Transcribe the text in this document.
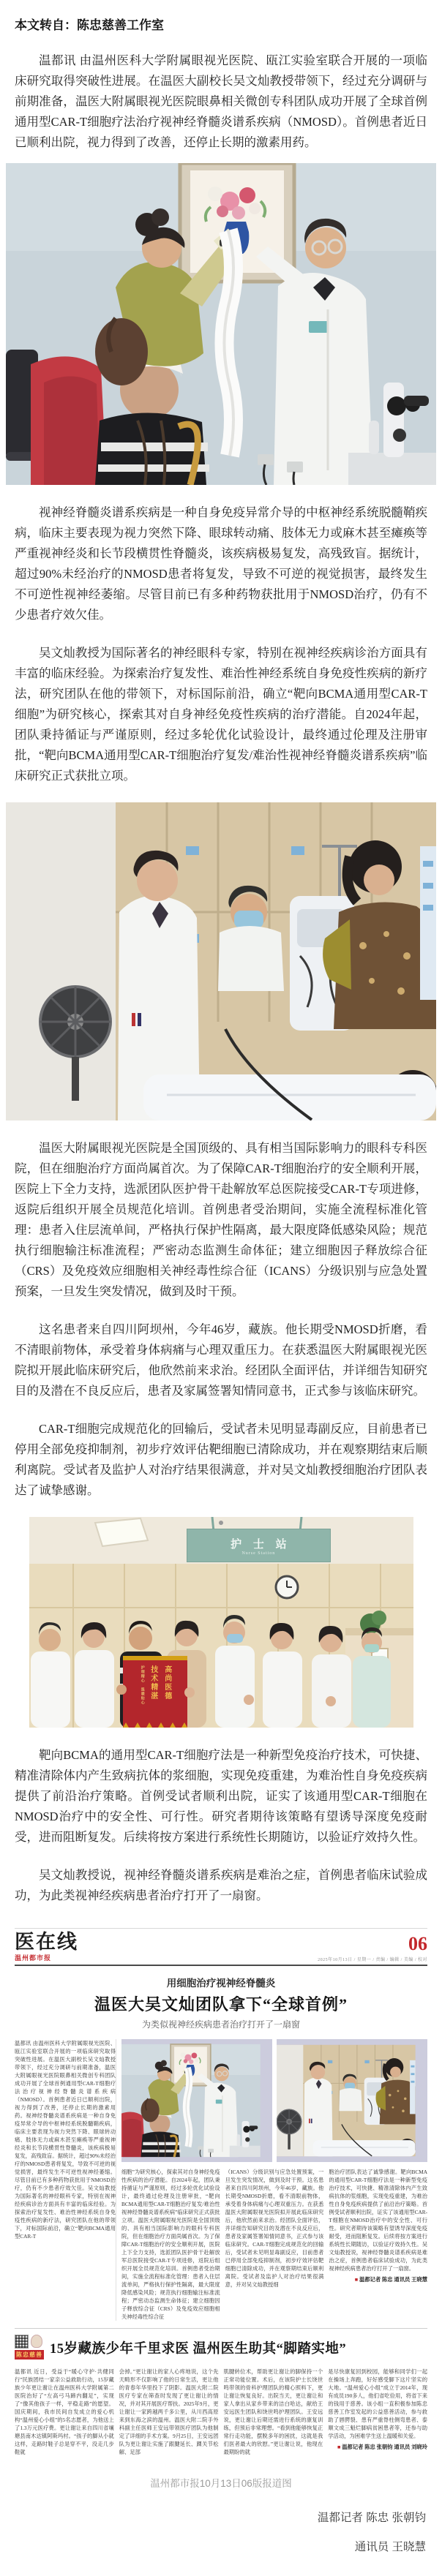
本文转自：陈忠慈善工作室

温都讯 由温州医科大学附属眼视光医院、瓯江实验室联合开展的一项临床研究取得突破性进展。在温医大副校长吴文灿教授带领下，经过充分调研与前期准备，温医大附属眼视光医院眼鼻相关微创专科团队成功开展了全球首例通用型CAR-T细胞疗法治疗视神经脊髓炎谱系疾病（NMOSD）。首例患者近日已顺利出院，视力得到了改善，还停止长期的激素用药。

视神经脊髓炎谱系疾病是一种自身免疫异常介导的中枢神经系统脱髓鞘疾病，临床主要表现为视力突然下降、眼球转动痛、肢体无力或麻木甚至瘫痪等严重视神经炎和长节段横贯性脊髓炎，该疾病极易复发，高残致盲。据统计，超过90%未经治疗的NMOSD患者将复发，导致不可逆的视觉损害，最终发生不可逆性视神经萎缩。尽管目前已有多种药物获批用于NMOSD治疗，仍有不少患者疗效欠佳。

吴文灿教授为国际著名的神经眼科专家，特别在视神经疾病诊治方面具有丰富的临床经验。为探索治疗复发性、难治性神经系统自身免疫性疾病的新疗法，研究团队在他的带领下，对标国际前沿，确立“靶向BCMA通用型CAR-T细胞”为研究核心，探索其对自身神经免疫性疾病的治疗潜能。自2024年起，团队秉持循证与严谨原则，经过多轮优化试验设计，最终通过伦理及注册审批，“靶向BCMA通用型CAR-T细胞治疗复发/难治性视神经脊髓炎谱系疾病”临床研究正式获批立项。

温医大附属眼视光医院是全国顶级的、具有相当国际影响力的眼科专科医院，但在细胞治疗方面尚属首次。为了保障CAR-T细胞治疗的安全顺利开展，医院上下全力支持，选派团队医护骨干赴解放军总医院接受CAR-T专项进修，返院后组织开展全员规范化培训。首例患者受治期间，实施全流程标准化管理：患者入住层流单间，严格执行保护性隔离，最大限度降低感染风险；规范执行细胞输注标准流程；严密动态监测生命体征；建立细胞因子释放综合征（CRS）及免疫效应细胞相关神经毒性综合征（ICANS）分级识别与应急处置预案，一旦发生突发情况，做到及时干预。

这名患者来自四川阿坝州，今年46岁，藏族。他长期受NMOSD折磨，看不清眼前物体，承受着身体病痛与心理双重压力。在获悉温医大附属眼视光医院拟开展此临床研究后，他欣然前来求治。经团队全面评估，并详细告知研究目的及潜在不良反应后，患者及家属签署知情同意书，正式参与该临床研究。

CAR-T细胞完成规范化的回输后，受试者未见明显毒副反应，目前患者已停用全部免疫抑制剂，初步疗效评估靶细胞已清除成功，并在观察期结束后顺利离院。受试者及监护人对治疗结果很满意，并对吴文灿教授细胞治疗团队表达了诚挚感谢。

护 士 站
Nurse Station
高尚医德
技术精湛
护理精心 温暖贴心

靶向BCMA的通用型CAR-T细胞疗法是一种新型免疫治疗技术，可快捷、精准清除体内产生致病抗体的浆细胞，实现免疫重建，为难治性自身免疫疾病提供了前沿治疗策略。首例受试者顺利出院，证实了该通用型CAR-T细胞在NMOSD治疗中的安全性、可行性。研究者期待该策略有望诱导深度免疫耐受，进而阻断复发。后续将按方案进行系统性长期随访，以验证疗效持久性。

吴文灿教授说，视神经脊髓炎谱系疾病是难治之症，首例患者临床试验成功，为此类视神经疾病患者治疗打开了一扇窗。

医在线
温州都市报
06
2025年10月13日 / 星期一 / 责编 / 编辑 / 美编 / 校对
用细胞治疗视神经脊髓炎
温医大吴文灿团队拿下“全球首例”
为类似视神经疾病患者治疗打开了一扇窗
温都讯 由温州医科大学附属眼视光医院、瓯江实验室联合开展的一项临床研究取得突破性进展。在温医大副校长吴文灿教授带领下，经过充分调研与前期准备，温医大附属眼视光医院眼鼻相关微创专科团队成功开展了全球首例通用型CAR-T细胞疗法治疗视神经脊髓炎谱系疾病（NMOSD）。首例患者近日已顺利出院，视力得到了改善，还停止长期的激素用药。视神经脊髓炎谱系疾病是一种自身免疫异常介导的中枢神经系统脱髓鞘疾病，临床主要表现为视力突然下降、眼球转动痛、肢体无力或麻木甚至瘫痪等严重视神经炎和长节段横贯性脊髓炎，该疾病极易复发，高残致盲。据统计，超过90%未经治疗的NMOSD患者将复发，导致不可逆的视觉损害，最终发生不可逆性视神经萎缩。尽管目前已有多种药物获批用于NMOSD治疗，仍有不少患者疗效欠佳。吴文灿教授为国际著名的神经眼科专家，特别在视神经疾病诊治方面具有丰富的临床经验。为探索治疗复发性、难治性神经系统自身免疫性疾病的新疗法，研究团队在他的带领下，对标国际前沿，确立“靶向BCMA通用型CAR-T
细胞”为研究核心，探索其对自身神经免疫性疾病的治疗潜能。自2024年起，团队秉持循证与严谨原则，经过多轮优化试验设计，最终通过伦理及注册审批，“靶向BCMA通用型CAR-T细胞治疗复发/难治性视神经脊髓炎谱系疾病”临床研究正式获批立项。温医大附属眼视光医院是全国顶级的、具有相当国际影响力的眼科专科医院，但在细胞治疗方面尚属首次。为了保障CAR-T细胞治疗的安全顺利开展，医院上下全力支持，选派团队医护骨干赴解放军总医院接受CAR-T专项进修，返院后组织开展全员规范化培训。首例患者受治期间，实施全流程标准化管理：患者入住层流单间，严格执行保护性隔离，最大限度降低感染风险；规范执行细胞输注标准流程；严密动态监测生命体征；建立细胞因子释放综合征（CRS）及免疫效应细胞相关神经毒性综合征
（ICANS）分级识别与应急处置预案，一旦发生突发情况，做到及时干预。这名患者来自四川阿坝州，今年46岁，藏族。他长期受NMOSD折磨，看不清眼前物体，承受着身体病痛与心理双重压力。在获悉温医大附属眼视光医院拟开展此临床研究后，他欣然前来求治。经团队全面评估，并详细告知研究目的及潜在不良反应后，患者及家属签署知情同意书，正式参与该临床研究。CAR-T细胞完成规范化的回输后，受试者未见明显毒副反应，目前患者已停用全部免疫抑制剂，初步疗效评估靶细胞已清除成功，并在观察期结束后顺利离院。受试者及监护人对治疗结果很满意，并对吴文灿教授细
胞治疗团队表达了诚挚感谢。靶向BCMA的通用型CAR-T细胞疗法是一种新型免疫治疗技术，可快捷、精准清除体内产生致病抗体的浆细胞，实现免疫重建，为难治性自身免疫疾病提供了前沿治疗策略。首例受试者顺利出院，证实了该通用型CAR-T细胞在NMOSD治疗中的安全性、可行性。研究者期待该策略有望诱导深度免疫耐受，进而阻断复发。后续将按方案进行系统性长期随访，以验证疗效持久性。吴文灿教授说，视神经脊髓炎谱系疾病是难治之症，首例患者临床试验成功，为此类视神经疾病患者治疗打开了一扇窗。
■ 温都记者 陈忠 通讯员 王晓慧
陈忠慈善 15岁藏族少年千里求医 温州医生助其“脚踏实地”
温都讯 近日，受益于“暖心守护·共健同行”民族团结一家亲公益救助行动，15岁藏族少年更让谢让在温州医科大学附属第二医院治好了“左高弓马蹄内翻足”，实现了“像其他孩子一样，平稳走路”的愿望。国庆期间，我市民间自发成立的爱心机构“温州爱心小组”的5名志愿者，为他送上了1.3万元医疗费。更让谢让来自四川省壤塘县南木达镇阿斯玛村。“孩子的脚从小就这样，走路时鞋子总是穿不平，没走几步鞋就
会掉。”更让谢让的家人心疼地说，这个先天畸形不仅影响了他的日常生活，更让他的青春年华里投下了阴影。温医大附二院医疗专家在筛查时发现了更让谢让的情况，并对其开展医疗帮扶。2025年9月，更让谢让一家跨越两千多公里，从川西高原来到东海之滨的温州。温医大附二院手外科副主任医师王安远带领医疗团队为他制定了详细的手术方案。9月25日，王安远团队为更让谢让实施了跟腱延长、踝关节松解、足部
肌腱转位术，帮助更让谢让的脚保持一个正常功能位置。术后，在该院护士长饶世鸣带领的骨科护理团队的精心照料下，更让谢让恢复良好。出院当天，更让谢让和家人拿出从家乡带来的洁白哈达，献给王安远医生团队和饶世鸣护理团队。王安远说，更让谢让后期还需进行系统的康复训练，但预后非常理想。“看到他能够恢复正常行走功能，摆脱多年的困扰，这就是我们医者最大的欣慰。”更让谢让说，他现在最期盼的就
是尽快康复回到校园，能够和同学们一起在操场上奔跑，好好感受脚下这片坚实的大地。“温州爱心小组”成立于2014年，现有成员190多人，他们省吃俭用，将省下来的钱用于慈善。该小组一直积极参加陈忠慈善工作室发起的公益慈善活动，参与救助了唇腭裂、患有严重脊柱侧弯患者、泰顺文成三魁烂脚病贫困患者等，还参与助学活动，为困难学生送上温暖和关爱。
■ 温都记者 陈忠 张朝钧 通讯员 刘晓玲
温州都市报10月13日06版报道图
温都记者 陈忠 张朝钧
通讯员 王晓慧
